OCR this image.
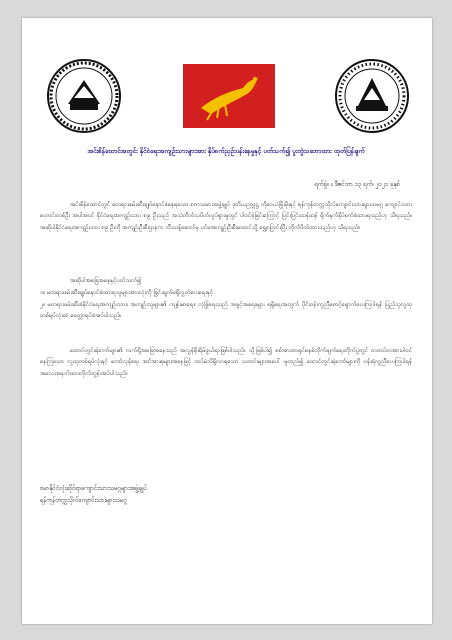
အင်းစိန်ထောင်အတွင်း နိုင်ငံရေးအကျဉ်းသားများအား နှိပ်စက်ညှဉ်းပန်းနေမှုနှင့် ပတ်သက်၍ ပူးတွဲသဘောထား ထုတ်ပြန်ချက်
ရက်စွဲ။ ။ ဒီဇင်ဘာ ၁၃ ရက်၊ ၂၀၂၁ ခုနှစ်
အင်းစိန်ထောင်တွင် မတရားဖမ်းဆီးချုပ်နှောင်ခံနေရသော ၈ကသမားအဖွဲ့ချုပ် ဒုတိယဥက္ကဋ္ဌ ကိုဝေယံဖြိုးမိုးနှင့် ရန်ကုန်တက္ကသိုလ်ကျောင်းသားများသမဂ္ဂ ကျောင်းသားဟောင်းတစ်ဦး အပါအဝင် နိုင်ငံရေးအကျဉ်းသား ၈၉ ဦးသည် အသံတိတ်သပိတ်လှုပ်ရှားမှုတွင် ပါဝင်ခဲ့ခြင်းကြောင့် ပြင်းပြင်းထန်ထန် ရိုက်နှက်နှိပ်စက်ခံထားရသည်ဟု သိရသည်။ အဆိုပါနိုင်ငံရေးအကျဉ်းသား ၈၉ ဦးကို အကျဉ်းဦးစီးဌာနက သီးသန့်ဆောင်မှ ပင်မအကျဉ်းဦးစီးထောင်သို့ ရွှေ့ပြောင်းပြီး တိုက်ပိတ်ထားသည်ဟု သိရသည်။
အဆိုပါအခြေအနေနှင့်ပတ်သက်၍
၁။ မတရားဖမ်းဆီးချုပ်နှောင်ခံထားရသူများအားလုံးကို ခြွင်းချက်မရှိလွှတ်ပေးရေးနှင့်
၂။ မတရားဖမ်းဆီးခံနိုင်ငံရေးအကျဉ်းသား၊ အကျဉ်းသူများ၏ ကျန်းမာရေး၊ လုံခြုံရေးသည် အခွင့်အရေးများ ရရှိရေးအတွက် ပိုင်းဝန်းကူညီစောင့်ရှောက်ပေးကြပါရန် ပြည်သူလူထုတစ်ရပ်လုံးထံ မေတ္တာရပ်ခံအပ်ပါသည်။
ထောင်တွင်းရဲဘော်များ၏ လက်ရှိအခြေအနေသည် အလွန်စိုးရိမ်ဖွယ်ရာဖြစ်ပါသည်။ သို့ဖြစ်ပါ၍ စစ်အာဏာရှင်စနစ်တိုက်ဖျက်ရေးတိုက်ပွဲတွင် တတပ်တအားပါဝင်နေကြသော လူထုတစ်ရပ်လုံးနှင့် တော်လှန်ရေး အင်အားစုများအနေဖြင့် ထပ်မံသိရှိလာရသော သတင်းများအပေါ် မူတည်၍ ထောင်တွင်းရဲဘော်များကို ဝန်းရံကူညီပေးကြပါရန် အလေးအနက်ထားတိုက်တွန်းအပ်ပါသည်။
ဗမာနိုင်ငံလုံးဆိုင်ရာကျောင်းသားသမဂ္ဂများအဖွဲ့ချုပ်
ရန်ကုန်တက္ကသိုလ်ကျောင်းသားများသမဂ္ဂ
